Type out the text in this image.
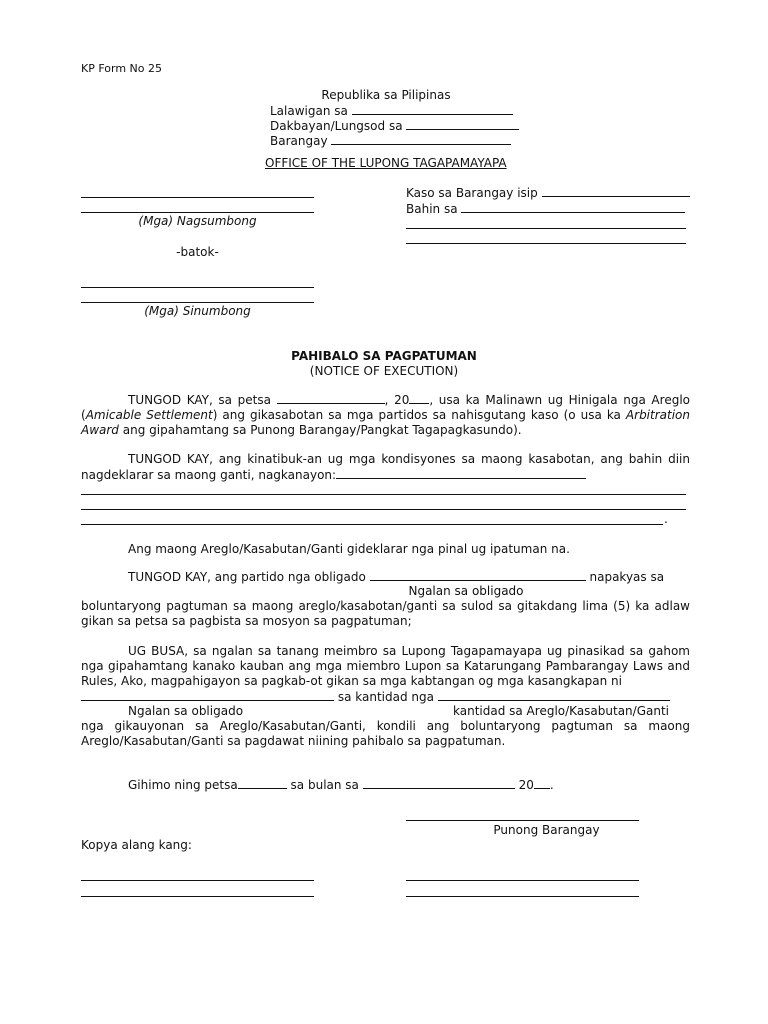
KP Form No 25
Republika sa Pilipinas
Lalawigan sa
Dakbayan/Lungsod sa
Barangay
OFFICE OF THE LUPONG TAGAPAMAYAPA
(Mga) Nagsumbong
-batok-
(Mga) Sinumbong
Kaso sa Barangay isip
Bahin sa
PAHIBALO SA PAGPATUMAN
(NOTICE OF EXECUTION)
TUNGOD KAY, sa petsa	, 20 , usa ka Malinawn ug Hinigala nga Areglo (Amicable Settlement) ang gikasabotan sa mga partidos sa nahisgutang kaso (o usa ka Arbitration Award ang gipahamtang sa Punong Barangay/Pangkat Tagapagkasundo).
TUNGOD KAY, ang kinatibuk-an ug mga kondisyones sa maong kasabotan, ang bahin diin nagdeklarar sa maong ganti, nagkanayon:
.
Ang maong Areglo/Kasabutan/Ganti gideklarar nga pinal ug ipatuman na.
TUNGOD KAY, ang partido nga obligado	napakyas sa
Ngalan sa obligado
boluntaryong pagtuman sa maong areglo/kasabotan/ganti sa sulod sa gitakdang lima (5) ka adlaw gikan sa petsa sa pagbista sa mosyon sa pagpatuman;
UG BUSA, sa ngalan sa tanang meimbro sa Lupong Tagapamayapa ug pinasikad sa gahom nga gipahamtang kanako kauban ang mga miembro Lupon sa Katarungang Pambarangay Laws and Rules, Ako, magpahigayon sa pagkab-ot gikan sa mga kabtangan og mga kasangkapan ni
sa kantidad nga
Ngalan sa obligado	kantidad sa Areglo/Kasabutan/Ganti
nga gikauyonan sa Areglo/Kasabutan/Ganti, kondili ang boluntaryong pagtuman sa maong Areglo/Kasabutan/Ganti sa pagdawat niining pahibalo sa pagpatuman.
Gihimo ning petsa	sa bulan sa	20 .
Punong Barangay
Kopya alang kang:
